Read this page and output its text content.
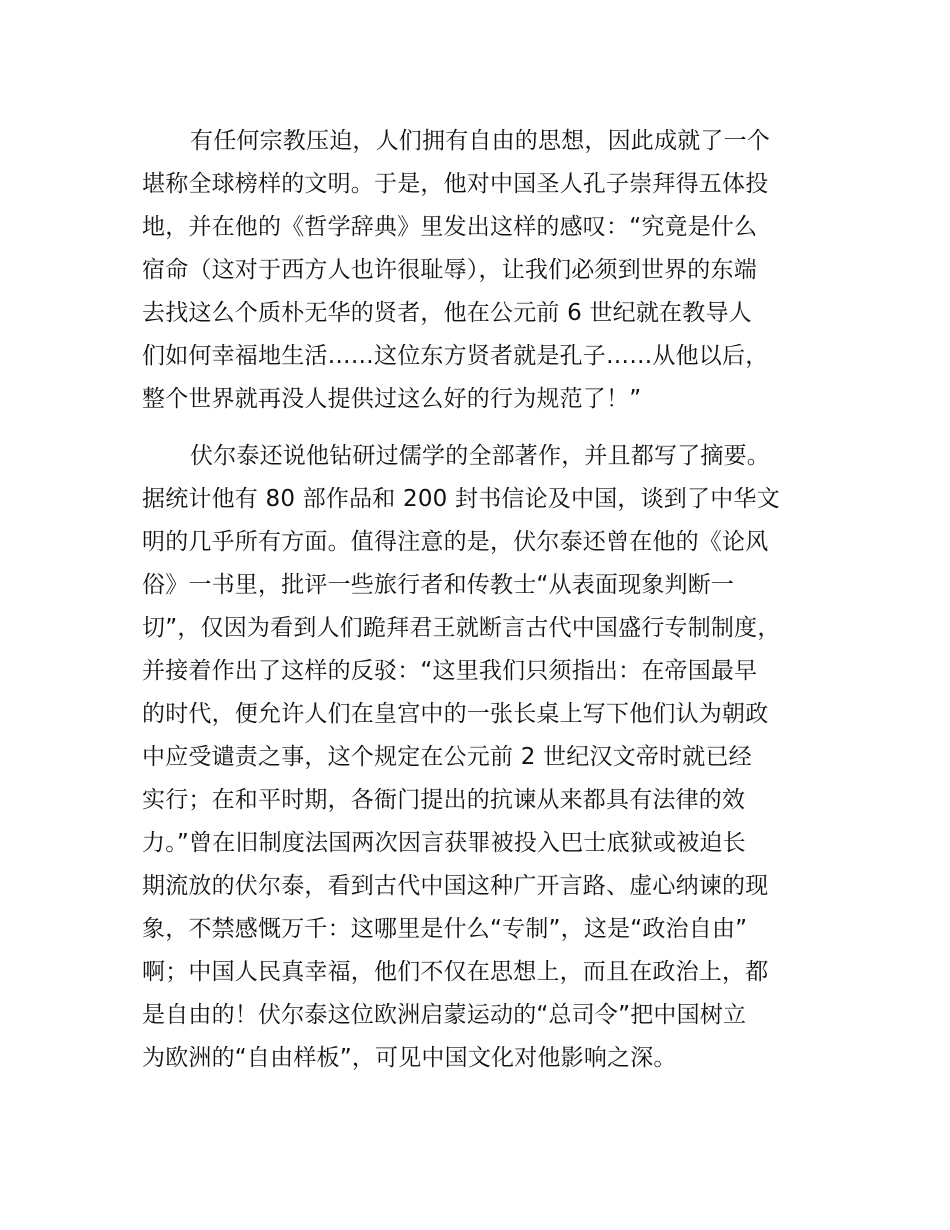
有任何宗教压迫，人们拥有自由的思想，因此成就了一个
堪称全球榜样的文明。于是，他对中国圣人孔子崇拜得五体投
地，并在他的《哲学辞典》里发出这样的感叹：“究竟是什么
宿命（这对于西方人也许很耻辱），让我们必须到世界的东端
去找这么个质朴无华的贤者，他在公元前 6 世纪就在教导人
们如何幸福地生活……这位东方贤者就是孔子……从他以后，
整个世界就再没人提供过这么好的行为规范了！”

伏尔泰还说他钻研过儒学的全部著作，并且都写了摘要。
据统计他有 80 部作品和 200 封书信论及中国，谈到了中华文
明的几乎所有方面。值得注意的是，伏尔泰还曾在他的《论风
俗》一书里，批评一些旅行者和传教士“从表面现象判断一
切”，仅因为看到人们跪拜君王就断言古代中国盛行专制制度，
并接着作出了这样的反驳：“这里我们只须指出：在帝国最早
的时代，便允许人们在皇宫中的一张长桌上写下他们认为朝政
中应受谴责之事，这个规定在公元前 2 世纪汉文帝时就已经
实行；在和平时期，各衙门提出的抗谏从来都具有法律的效
力。”曾在旧制度法国两次因言获罪被投入巴士底狱或被迫长
期流放的伏尔泰，看到古代中国这种广开言路、虚心纳谏的现
象，不禁感慨万千：这哪里是什么“专制”，这是“政治自由”
啊；中国人民真幸福，他们不仅在思想上，而且在政治上，都
是自由的！伏尔泰这位欧洲启蒙运动的“总司令”把中国树立
为欧洲的“自由样板”，可见中国文化对他影响之深。
